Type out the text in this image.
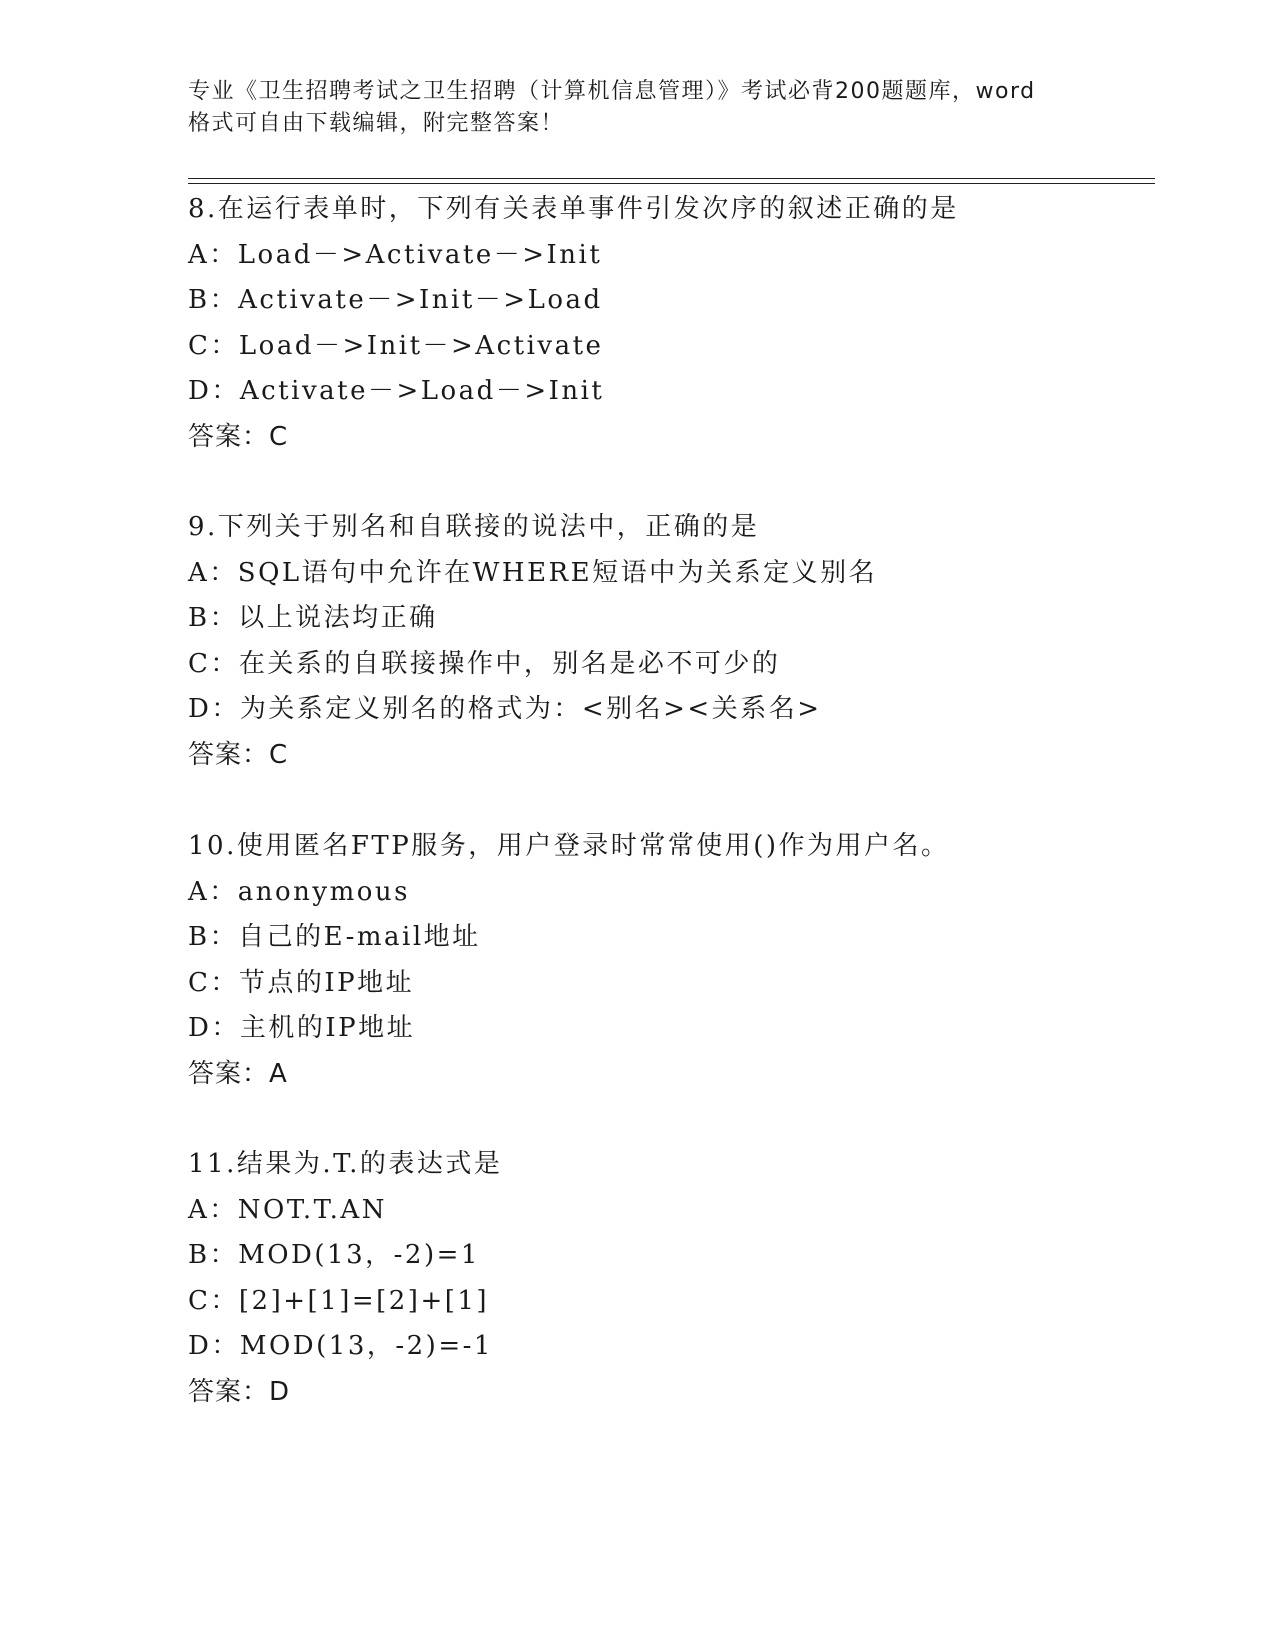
专业《卫生招聘考试之卫生招聘（计算机信息管理）》考试必背200题题库，word
格式可自由下载编辑，附完整答案！
8.在运行表单时，下列有关表单事件引发次序的叙述正确的是
A：Load－>Activate－>Init
B：Activate－>Init－>Load
C：Load－>Init－>Activate
D：Activate－>Load－>Init
答案：C
9.下列关于别名和自联接的说法中，正确的是
A：SQL语句中允许在WHERE短语中为关系定义别名
B：以上说法均正确
C：在关系的自联接操作中，别名是必不可少的
D：为关系定义别名的格式为：<别名><关系名>
答案：C
10.使用匿名FTP服务，用户登录时常常使用()作为用户名。
A：anonymous
B：自己的E-mail地址
C：节点的IP地址
D：主机的IP地址
答案：A
11.结果为.T.的表达式是
A：NOT.T.AN
B：MOD(13，-2)=1
C：[2]+[1]=[2]+[1]
D：MOD(13，-2)=-1
答案：D
